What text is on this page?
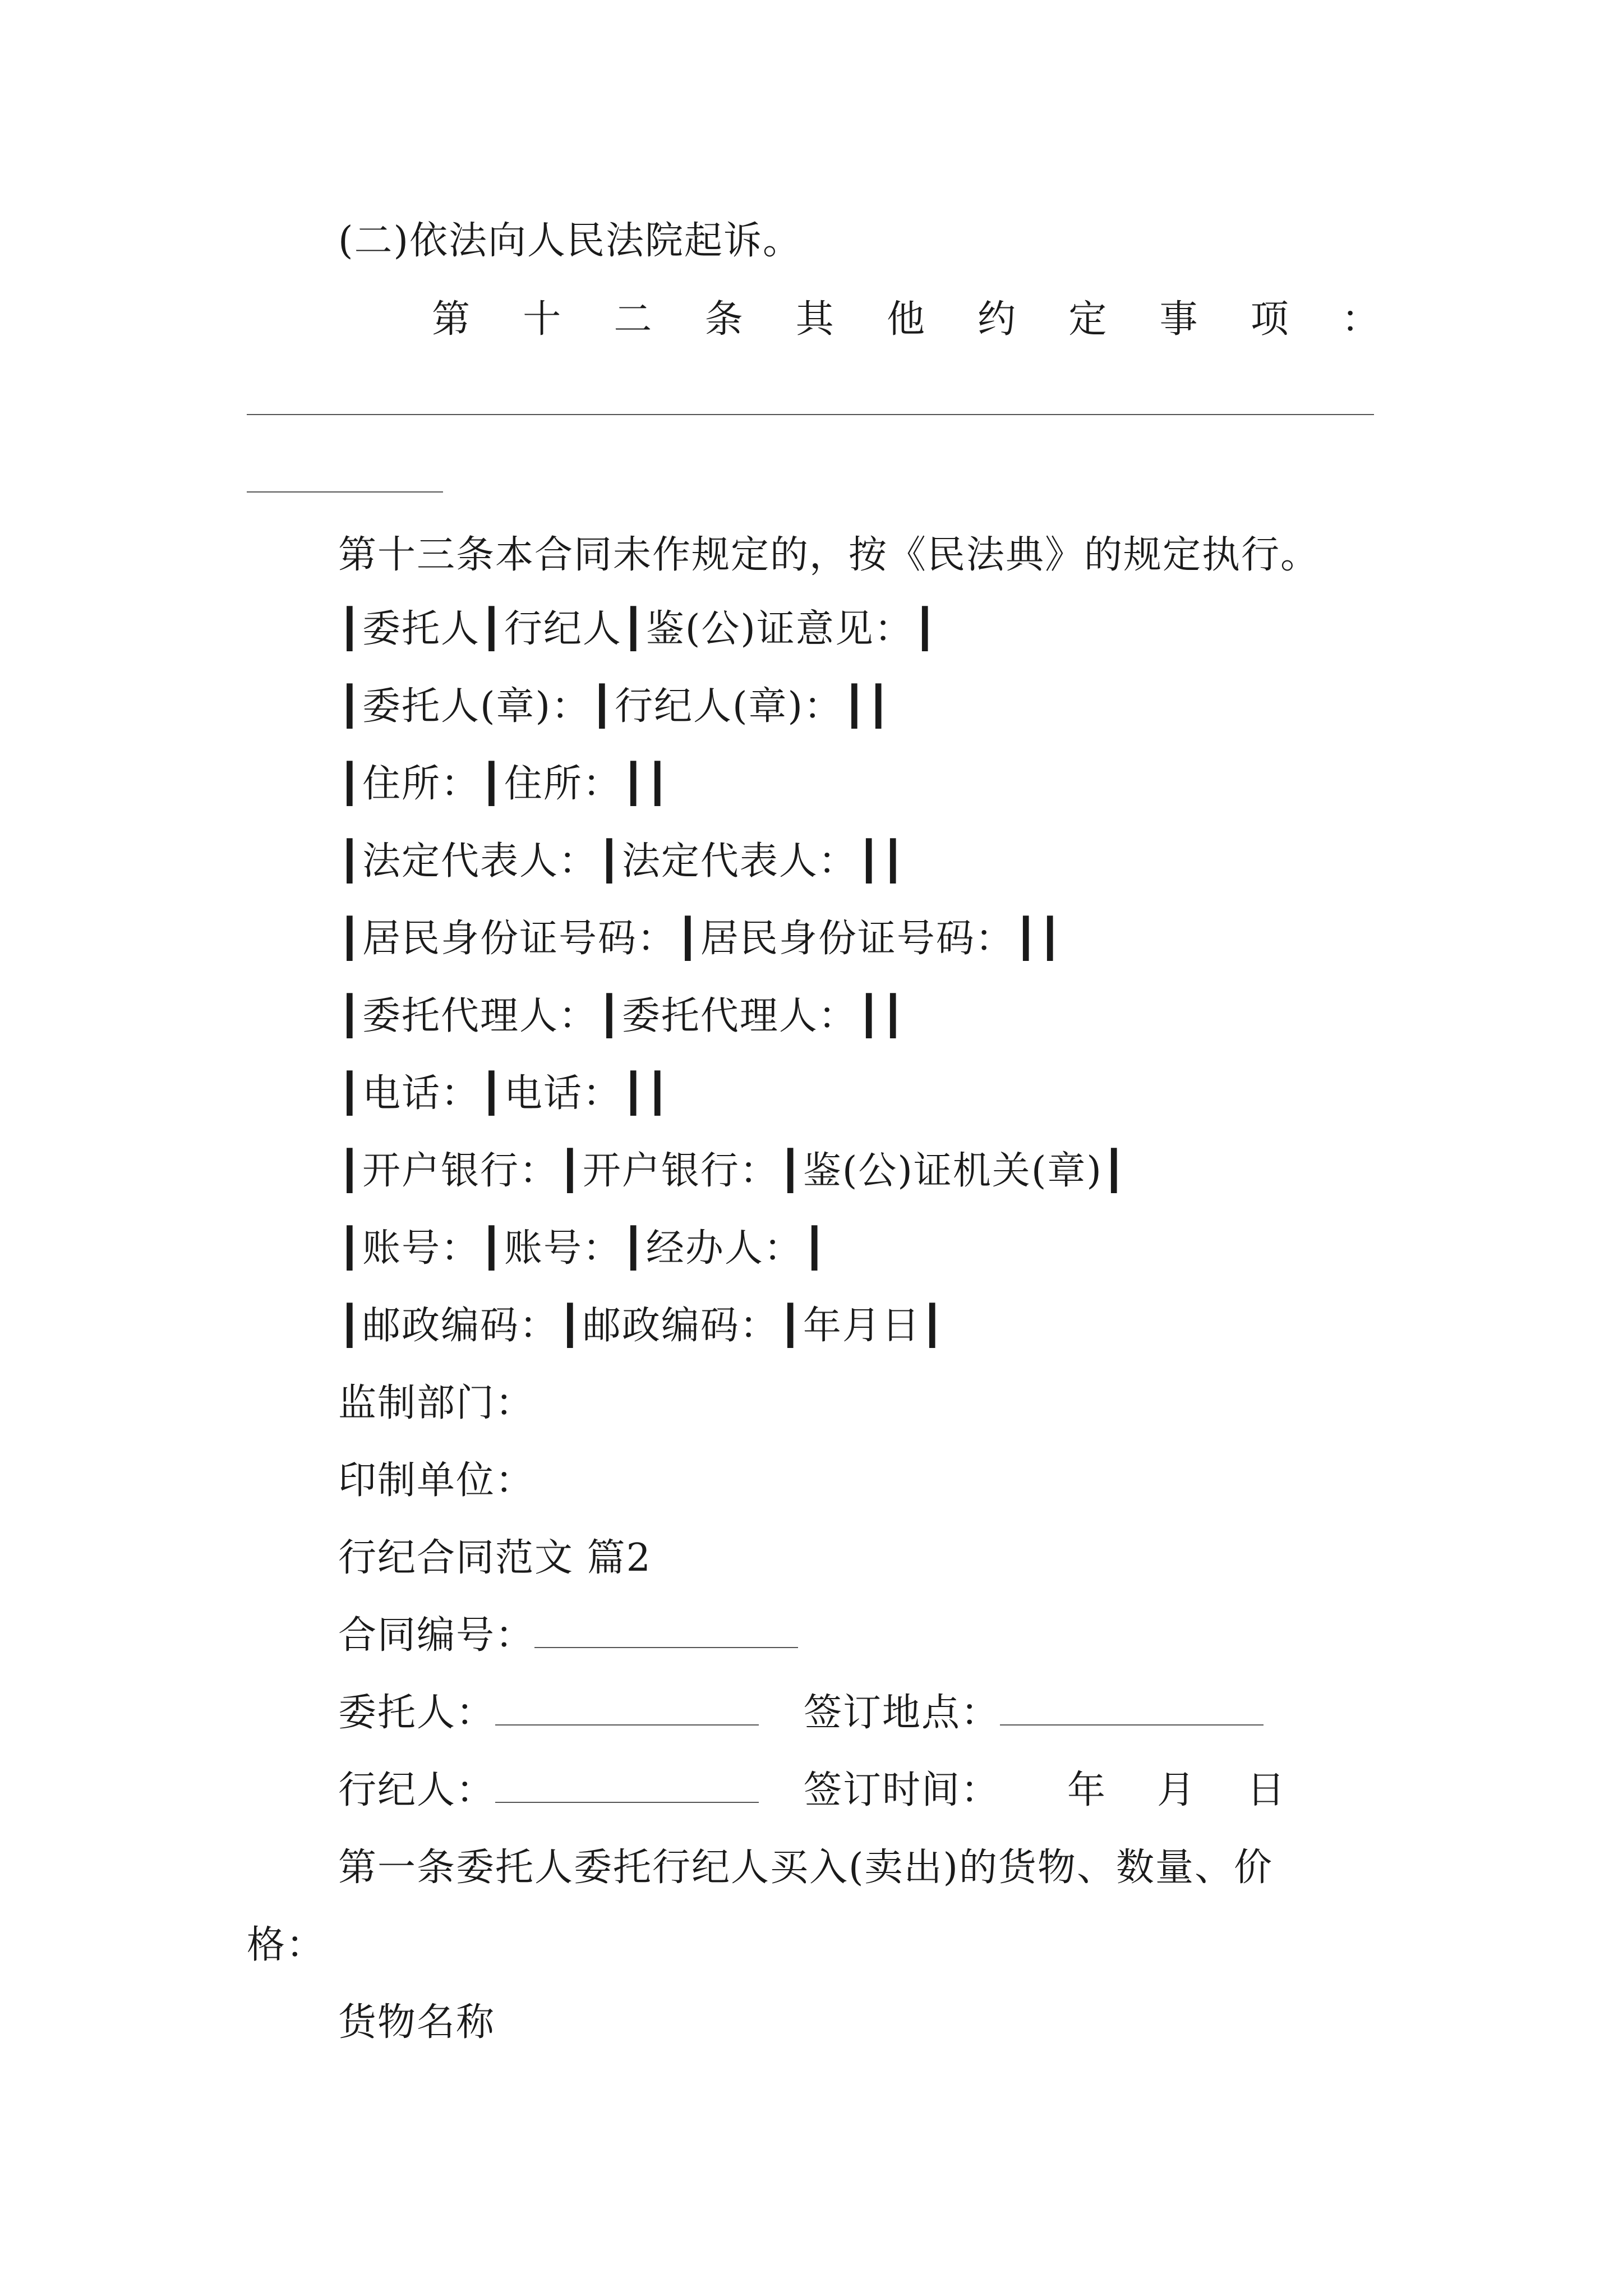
(二)依法向人民法院起诉。
第 十 二 条 其 他 约 定 事 项 ：
第十三条本合同未作规定的，按《民法典》的规定执行。
┃委托人┃行纪人┃鉴(公)证意见：┃
┃委托人(章)：┃行纪人(章)：┃┃
┃住所：┃住所：┃┃
┃法定代表人：┃法定代表人：┃┃
┃居民身份证号码：┃居民身份证号码：┃┃
┃委托代理人：┃委托代理人：┃┃
┃电话：┃电话：┃┃
┃开户银行：┃开户银行：┃鉴(公)证机关(章)┃
┃账号：┃账号：┃经办人：┃
┃邮政编码：┃邮政编码：┃年月日┃
监制部门：
印制单位：
行纪合同范文 篇2
合同编号：
委托人：	签订地点：
行纪人：	签订时间： 年 月 日
第一条委托人委托行纪人买入(卖出)的货物、数量、价
格：
货物名称
